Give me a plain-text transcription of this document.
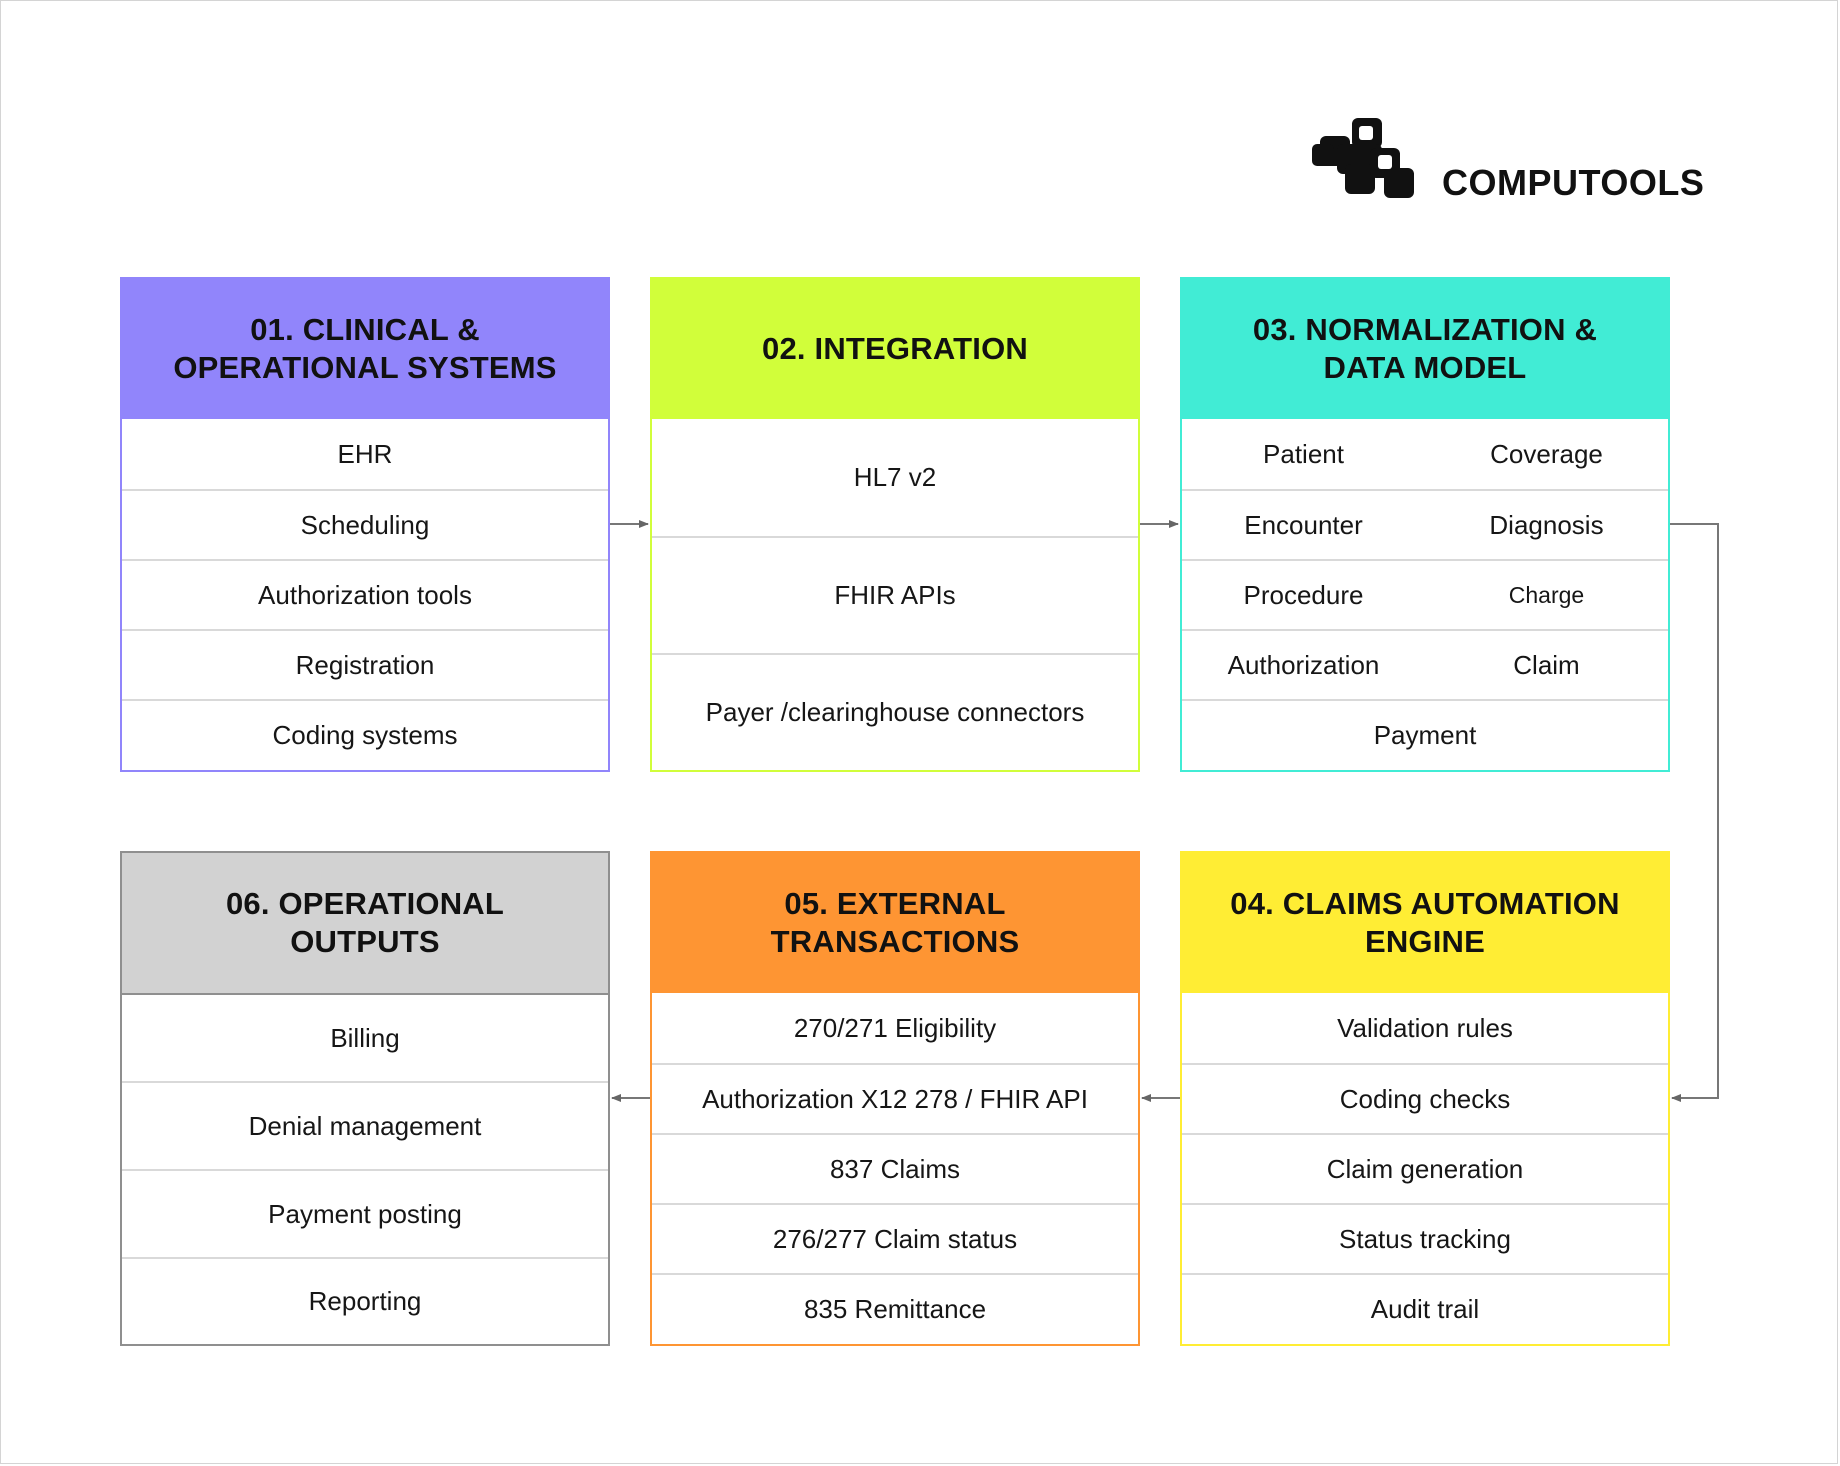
COMPUTOOLS
01. CLINICAL &
OPERATIONAL SYSTEMS
EHR
Scheduling
Authorization tools
Registration
Coding systems
02. INTEGRATION
HL7 v2
FHIR APIs
Payer /clearinghouse connectors
03. NORMALIZATION &
DATA MODEL
Patient	Coverage
Encounter	Diagnosis
Procedure	Charge
Authorization	Claim
Payment
06. OPERATIONAL
OUTPUTS
Billing
Denial management
Payment posting
Reporting
05. EXTERNAL
TRANSACTIONS
270/271 Eligibility
Authorization X12 278 / FHIR API
837 Claims
276/277 Claim status
835 Remittance
04. CLAIMS AUTOMATION
ENGINE
Validation rules
Coding checks
Claim generation
Status tracking
Audit trail
